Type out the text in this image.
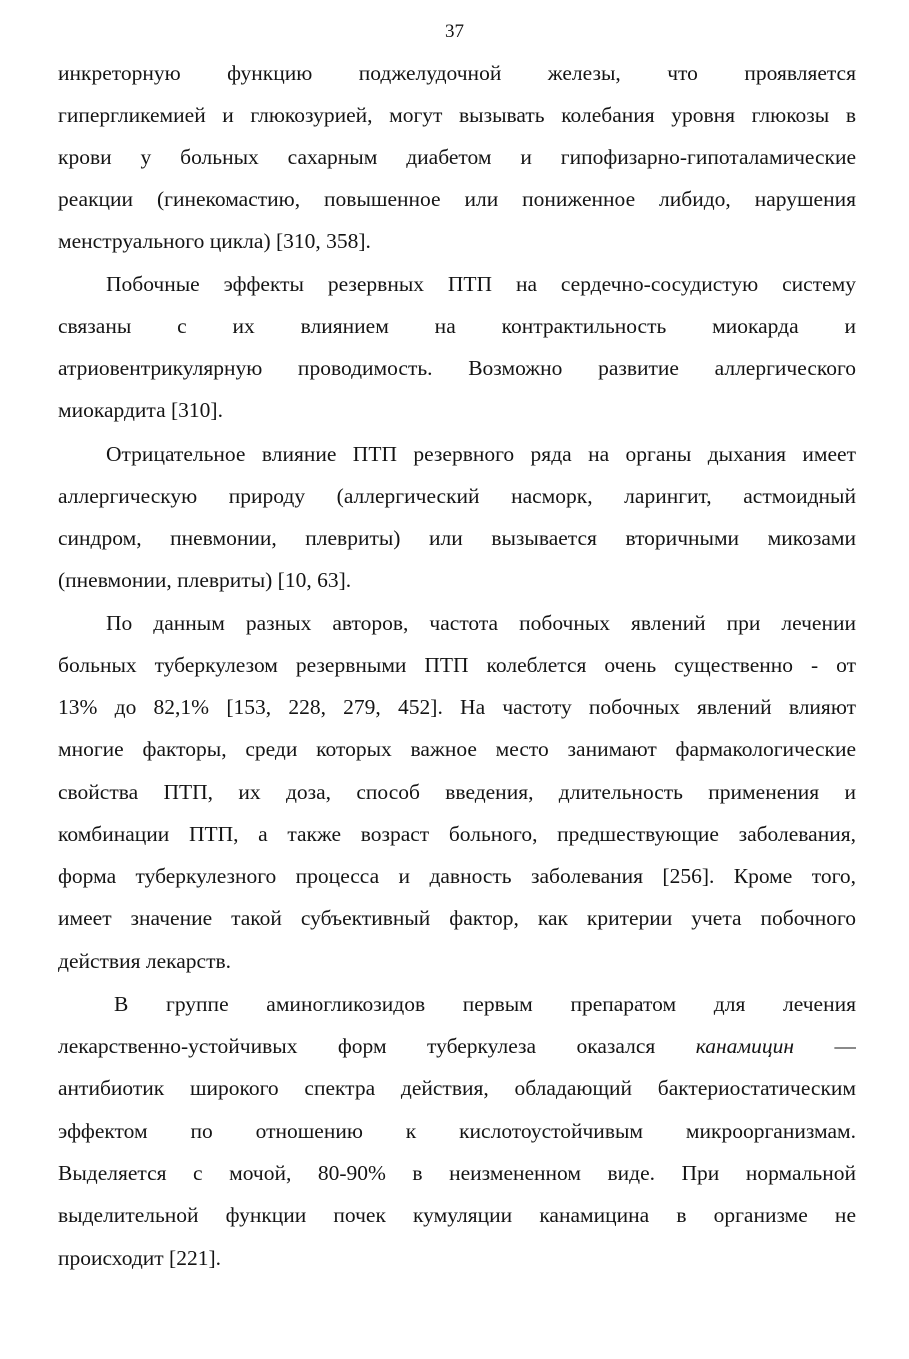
37
инкреторную функцию поджелудочной железы, что проявляется
гипергликемией и глюкозурией, могут вызывать колебания уровня глюкозы в
крови у больных сахарным диабетом и гипофизарно-гипоталамические
реакции (гинекомастию, повышенное или пониженное либидо, нарушения
менструального цикла) [310, 358].
Побочные эффекты резервных ПТП на сердечно-сосудистую систему
связаны с их влиянием на контрактильность миокарда и
атриовентрикулярную проводимость. Возможно развитие аллергического
миокардита [310].
Отрицательное влияние ПТП резервного ряда на органы дыхания имеет
аллергическую природу (аллергический насморк, ларингит, астмоидный
синдром, пневмонии, плевриты) или вызывается вторичными микозами
(пневмонии, плевриты) [10, 63].
По данным разных авторов, частота побочных явлений при лечении
больных туберкулезом резервными ПТП колеблется очень существенно - от
13% до 82,1% [153, 228, 279, 452]. На частоту побочных явлений влияют
многие факторы, среди которых важное место занимают фармакологические
свойства ПТП, их доза, способ введения, длительность применения и
комбинации ПТП, а также возраст больного, предшествующие заболевания,
форма туберкулезного процесса и давность заболевания [256]. Кроме того,
имеет значение такой субъективный фактор, как критерии учета побочного
действия лекарств.
В группе аминогликозидов первым препаратом для лечения
лекарственно-устойчивых форм туберкулеза оказался канамицин —
антибиотик широкого спектра действия, обладающий бактериостатическим
эффектом по отношению к кислотоустойчивым микроорганизмам.
Выделяется с мочой, 80-90% в неизмененном виде. При нормальной
выделительной функции почек кумуляции канамицина в организме не
происходит [221].
